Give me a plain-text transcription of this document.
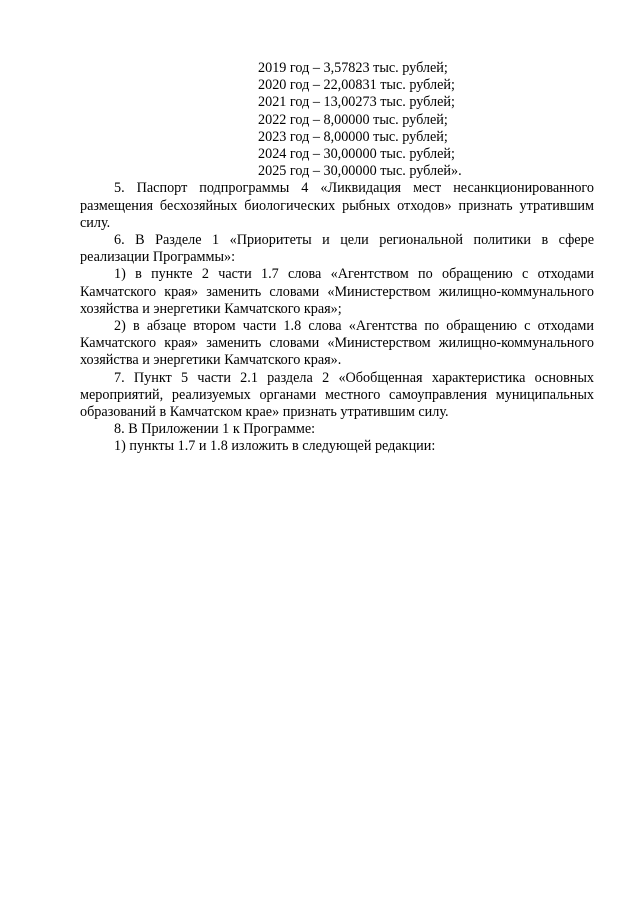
2019 год – 3,57823 тыс. рублей;
2020 год – 22,00831 тыс. рублей;
2021 год – 13,00273 тыс. рублей;
2022 год – 8,00000 тыс. рублей;
2023 год – 8,00000 тыс. рублей;
2024 год – 30,00000 тыс. рублей;
2025 год – 30,00000 тыс. рублей».

5. Паспорт подпрограммы 4 «Ликвидация мест несанкционированного размещения бесхозяйных биологических рыбных отходов» признать утратившим силу.

6. В Разделе 1 «Приоритеты и цели региональной политики в сфере реализации Программы»:

1) в пункте 2 части 1.7 слова «Агентством по обращению с отходами Камчатского края» заменить словами «Министерством жилищно-коммунального хозяйства и энергетики Камчатского края»;

2) в абзаце втором части 1.8 слова «Агентства по обращению с отходами Камчатского края» заменить словами «Министерством жилищно-коммунального хозяйства и энергетики Камчатского края».

7. Пункт 5 части 2.1 раздела 2 «Обобщенная характеристика основных мероприятий, реализуемых органами местного самоуправления муниципальных образований в Камчатском крае» признать утратившим силу.

8. В Приложении 1 к Программе:

1) пункты 1.7 и 1.8 изложить в следующей редакции:
